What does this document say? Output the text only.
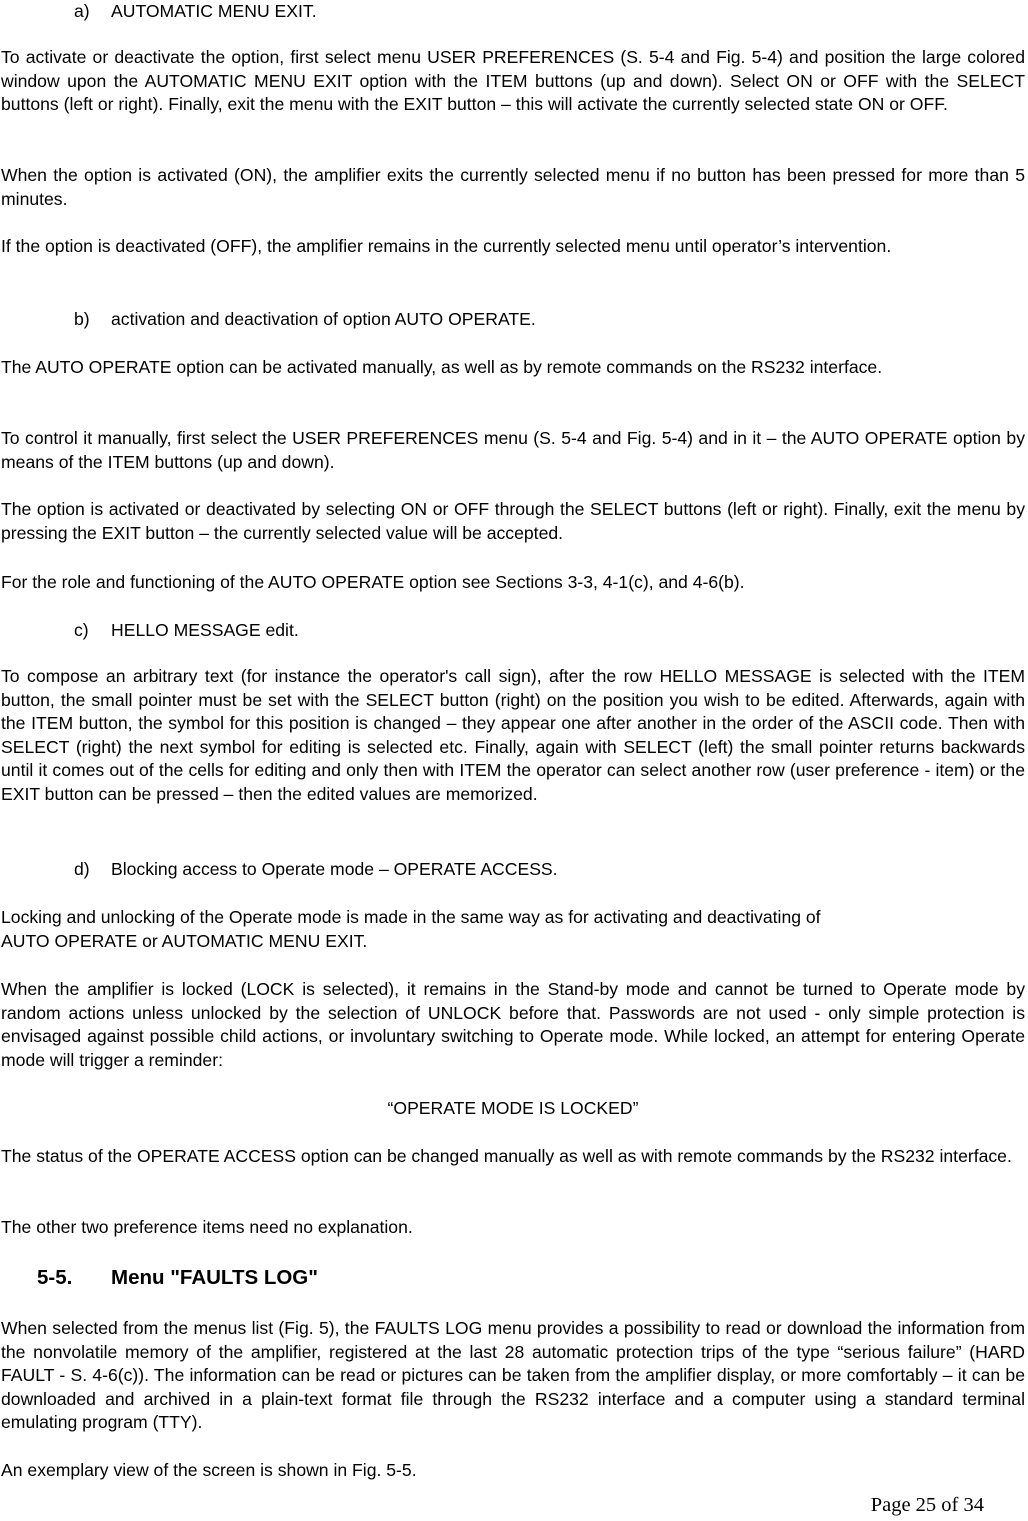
a) AUTOMATIC MENU EXIT.

To activate or deactivate the option, first select menu USER PREFERENCES (S. 5-4 and Fig. 5-4) and position the large colored window upon the AUTOMATIC MENU EXIT option with the ITEM buttons (up and down). Select ON or OFF with the SELECT buttons (left or right). Finally, exit the menu with the EXIT button – this will activate the currently selected state ON or OFF.

When the option is activated (ON), the amplifier exits the currently selected menu if no button has been pressed for more than 5 minutes.

If the option is deactivated (OFF), the amplifier remains in the currently selected menu until operator’s intervention.

b) activation and deactivation of option AUTO OPERATE.

The AUTO OPERATE option can be activated manually, as well as by remote commands on the RS232 interface.

To control it manually, first select the USER PREFERENCES menu (S. 5-4 and Fig. 5-4) and in it – the AUTO OPERATE option by means of the ITEM buttons (up and down).

The option is activated or deactivated by selecting ON or OFF through the SELECT buttons (left or right). Finally, exit the menu by pressing the EXIT button – the currently selected value will be accepted.

For the role and functioning of the AUTO OPERATE option see Sections 3-3, 4-1(c), and 4-6(b).

c) HELLO MESSAGE edit.

To compose an arbitrary text (for instance the operator's call sign), after the row HELLO MESSAGE is selected with the ITEM button, the small pointer must be set with the SELECT button (right) on the position you wish to be edited. Afterwards, again with the ITEM button, the symbol for this position is changed – they appear one after another in the order of the ASCII code. Then with SELECT (right) the next symbol for editing is selected etc. Finally, again with SELECT (left) the small pointer returns backwards until it comes out of the cells for editing and only then with ITEM the operator can select another row (user preference - item) or the EXIT button can be pressed – then the edited values are memorized.

d) Blocking access to Operate mode – OPERATE ACCESS.
Locking and unlocking of the Operate mode is made in the same way as for activating and deactivating of
AUTO OPERATE or AUTOMATIC MENU EXIT.

When the amplifier is locked (LOCK is selected), it remains in the Stand-by mode and cannot be turned to Operate mode by random actions unless unlocked by the selection of UNLOCK before that. Passwords are not used - only simple protection is envisaged against possible child actions, or involuntary switching to Operate mode. While locked, an attempt for entering Operate mode will trigger a reminder:

“OPERATE MODE IS LOCKED”

The status of the OPERATE ACCESS option can be changed manually as well as with remote commands by the RS232 interface.

The other two preference items need no explanation.

5-5. Menu "FAULTS LOG"

When selected from the menus list (Fig. 5), the FAULTS LOG menu provides a possibility to read or download the information from the nonvolatile memory of the amplifier, registered at the last 28 automatic protection trips of the type “serious failure” (HARD FAULT - S. 4-6(c)). The information can be read or pictures can be taken from the amplifier display, or more comfortably – it can be downloaded and archived in a plain-text format file through the RS232 interface and a computer using a standard terminal emulating program (TTY).

An exemplary view of the screen is shown in Fig. 5-5.

Page 25 of 34
